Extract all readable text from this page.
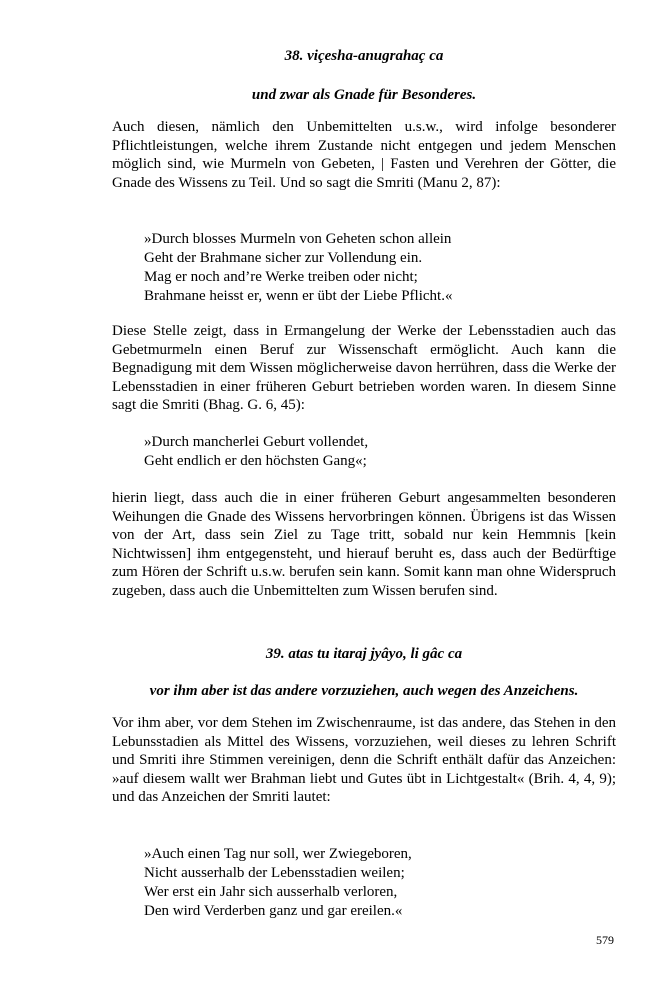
38. viçesha-anugrahaç ca
und zwar als Gnade für Besonderes.

Auch diesen, nämlich den Unbemittelten u.s.w., wird infolge besonderer Pflichtleistungen, welche ihrem Zustande nicht entgegen und jedem Menschen möglich sind, wie Murmeln von Gebeten, | Fasten und Verehren der Götter, die Gnade des Wissens zu Teil. Und so sagt die Smriti (Manu 2, 87):

»Durch blosses Murmeln von Geheten schon allein
Geht der Brahmane sicher zur Vollendung ein.
Mag er noch and’re Werke treiben oder nicht;
Brahmane heisst er, wenn er übt der Liebe Pflicht.«

Diese Stelle zeigt, dass in Ermangelung der Werke der Lebensstadien auch das Gebetmurmeln einen Beruf zur Wissenschaft ermöglicht. Auch kann die Begnadigung mit dem Wissen möglicherweise davon herrühren, dass die Werke der Lebensstadien in einer früheren Geburt betrieben worden waren. In diesem Sinne sagt die Smriti (Bhag. G. 6, 45):

»Durch mancherlei Geburt vollendet,
Geht endlich er den höchsten Gang«;

hierin liegt, dass auch die in einer früheren Geburt angesammelten besonderen Weihungen die Gnade des Wissens hervorbringen können. Übrigens ist das Wissen von der Art, dass sein Ziel zu Tage tritt, sobald nur kein Hemmnis [kein Nichtwissen] ihm entgegensteht, und hierauf beruht es, dass auch der Bedürftige zum Hören der Schrift u.s.w. berufen sein kann. Somit kann man ohne Widerspruch zugeben, dass auch die Unbemittelten zum Wissen berufen sind.

39. atas tu itaraj jyâyo, li gâc ca
vor ihm aber ist das andere vorzuziehen, auch wegen des Anzeichens.

Vor ihm aber, vor dem Stehen im Zwischenraume, ist das andere, das Stehen in den Lebunsstadien als Mittel des Wissens, vorzuziehen, weil dieses zu lehren Schrift und Smriti ihre Stimmen vereinigen, denn die Schrift enthält dafür das Anzeichen: »auf diesem wallt wer Brahman liebt und Gutes übt in Lichtgestalt« (Brih. 4, 4, 9); und das Anzeichen der Smriti lautet:

»Auch einen Tag nur soll, wer Zwiegeboren,
Nicht ausserhalb der Lebensstadien weilen;
Wer erst ein Jahr sich ausserhalb verloren,
Den wird Verderben ganz und gar ereilen.«
579
